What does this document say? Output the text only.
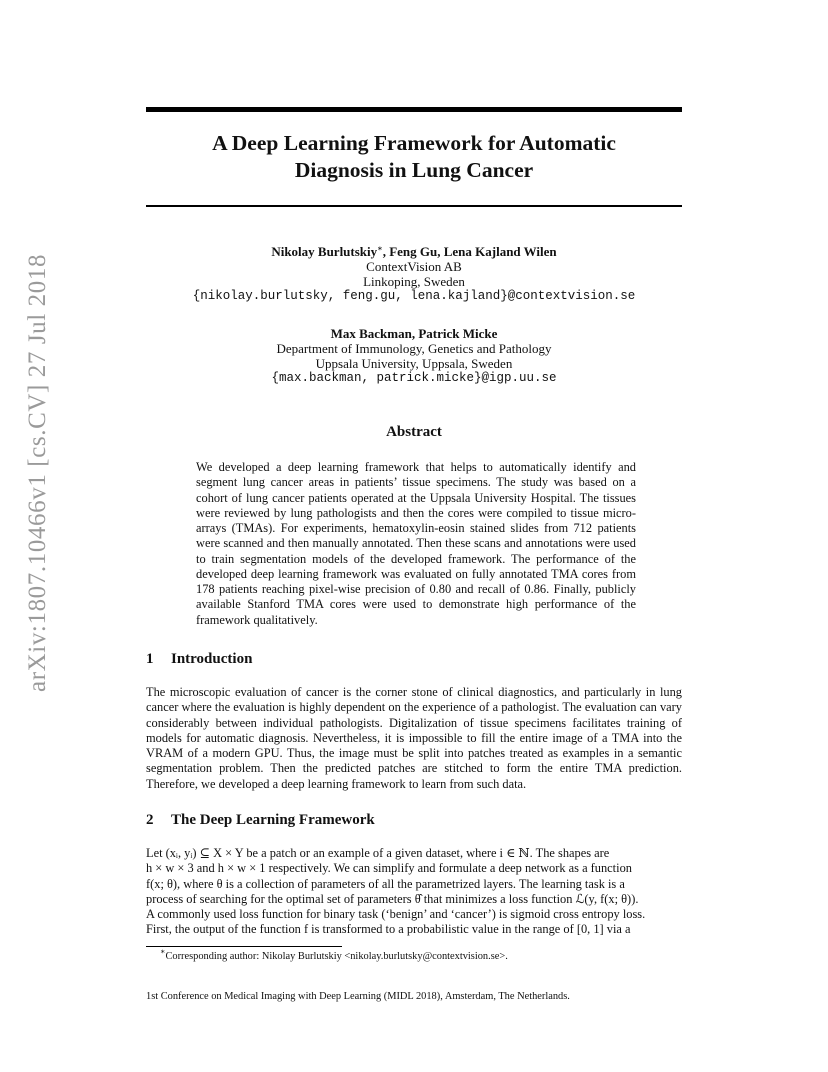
arXiv:1807.10466v1 [cs.CV] 27 Jul 2018
A Deep Learning Framework for Automatic
Diagnosis in Lung Cancer
Nikolay Burlutskiy∗, Feng Gu, Lena Kajland Wilen
ContextVision AB
Linkoping, Sweden
{nikolay.burlutsky, feng.gu, lena.kajland}@contextvision.se
Max Backman, Patrick Micke
Department of Immunology, Genetics and Pathology
Uppsala University, Uppsala, Sweden
{max.backman, patrick.micke}@igp.uu.se
Abstract
We developed a deep learning framework that helps to automatically identify and segment lung cancer areas in patients’ tissue specimens. The study was based on a cohort of lung cancer patients operated at the Uppsala University Hospital. The tissues were reviewed by lung pathologists and then the cores were compiled to tissue micro-arrays (TMAs). For experiments, hematoxylin-eosin stained slides from 712 patients were scanned and then manually annotated. Then these scans and annotations were used to train segmentation models of the developed framework. The performance of the developed deep learning framework was evaluated on fully annotated TMA cores from 178 patients reaching pixel-wise precision of 0.80 and recall of 0.86. Finally, publicly available Stanford TMA cores were used to demonstrate high performance of the framework qualitatively.
1 Introduction
The microscopic evaluation of cancer is the corner stone of clinical diagnostics, and particularly in lung cancer where the evaluation is highly dependent on the experience of a pathologist. The evaluation can vary considerably between individual pathologists. Digitalization of tissue specimens facilitates training of models for automatic diagnosis. Nevertheless, it is impossible to fill the entire image of a TMA into the VRAM of a modern GPU. Thus, the image must be split into patches treated as examples in a semantic segmentation problem. Then the predicted patches are stitched to form the entire TMA prediction. Therefore, we developed a deep learning framework to learn from such data.
2 The Deep Learning Framework
Let (xᵢ, yᵢ) ⊆ X × Y be a patch or an example of a given dataset, where i ∈ ℕ. The shapes are
h × w × 3 and h × w × 1 respectively. We can simplify and formulate a deep network as a function
f(x; θ), where θ is a collection of parameters of all the parametrized layers. The learning task is a
process of searching for the optimal set of parameters θ̂ that minimizes a loss function ℒ(y, f(x; θ)).
A commonly used loss function for binary task (‘benign’ and ‘cancer’) is sigmoid cross entropy loss.
First, the output of the function f is transformed to a probabilistic value in the range of [0, 1] via a
∗Corresponding author: Nikolay Burlutskiy <nikolay.burlutsky@contextvision.se>.
1st Conference on Medical Imaging with Deep Learning (MIDL 2018), Amsterdam, The Netherlands.
